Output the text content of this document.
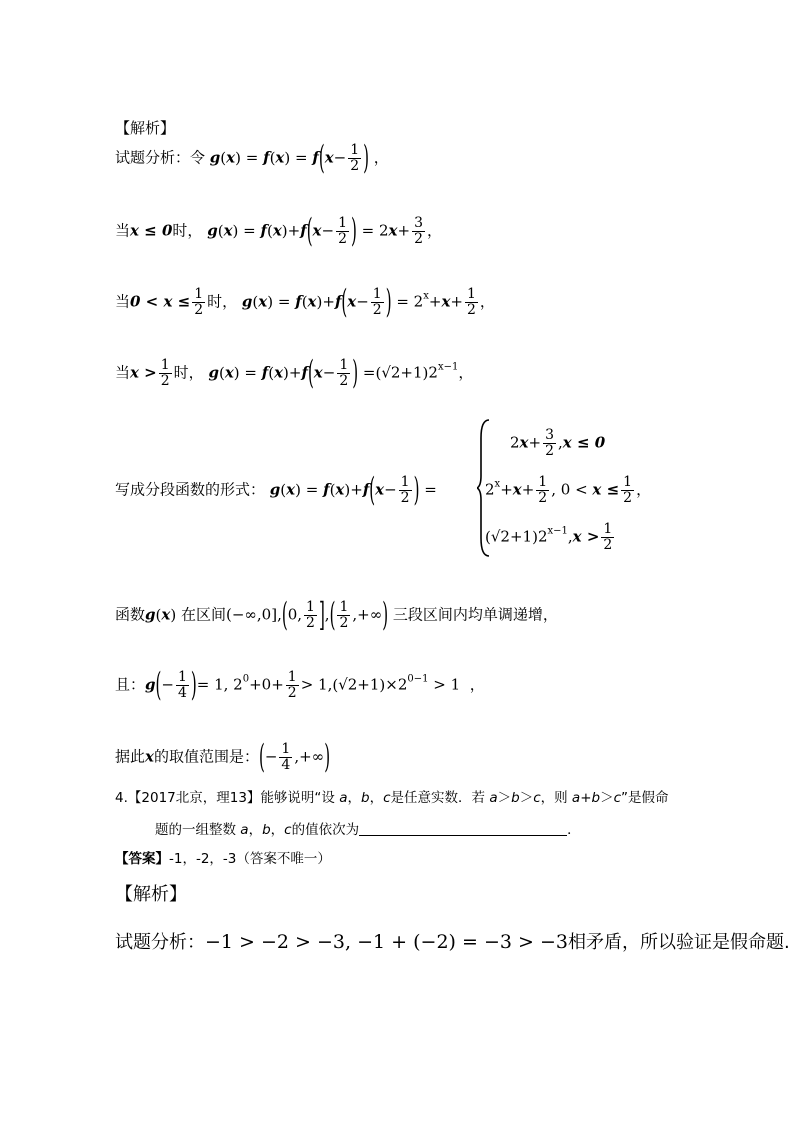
【解析】
试题分析：令 $g(x) = f(x) = f(x- \frac{1}{2}$ ) ，
当x ≤ 0时， $g(x) = f(x)+f(x- \frac{1}{2}$ ) = $2x+ \frac{3}{2}$ ，
当$0 < x \le \frac{1}{2}$ 时， $g(x) = f(x)+f(x- \frac{1}{2}$ ) = $2^x+x+ \frac{1}{2}$ ，
当$x > \frac{1}{2}$ 时， $g(x) = f(x)+f(x- \frac{1}{2}$ ) $=(√2+1)2^{x-1}$，
写成分段函数的形式： $g(x) = f(x)+f(x- \frac{1}{2}$ ) =
$2x+ \frac{3}{2} ,x \le 0$
$2^x+x+ \frac{1}{2}$ , $0 < x \le \frac{1}{2}$ ，
$(√2+1)2^{x-1},x > \frac{1}{2}$
函数g(x) 在区间(−∞,0],(0, $\frac{1}{2}$ ],( $\frac{1}{2}$ ,+∞) 三段区间内均单调递增，
且：$g(- \frac{1}{4}$ )= 1, $2^0+0+ \frac{1}{2} > 1,(√2+1)\times 2^{0-1} > 1$  ，
据此x的取值范围是：(− $\frac{1}{4}$ ,+∞)
4.【2017北京，理13】能够说明“设 a，b，c是任意实数．若 a＞b＞c，则 a+b＞c”是假命
题的一组整数 a，b，c的值依次为	．
【答案】-1，-2，-3（答案不唯一）
【解析】
试题分析：−1 > −2 > −3, −1 + (−2) = −3 > −3相矛盾，所以验证是假命题.
